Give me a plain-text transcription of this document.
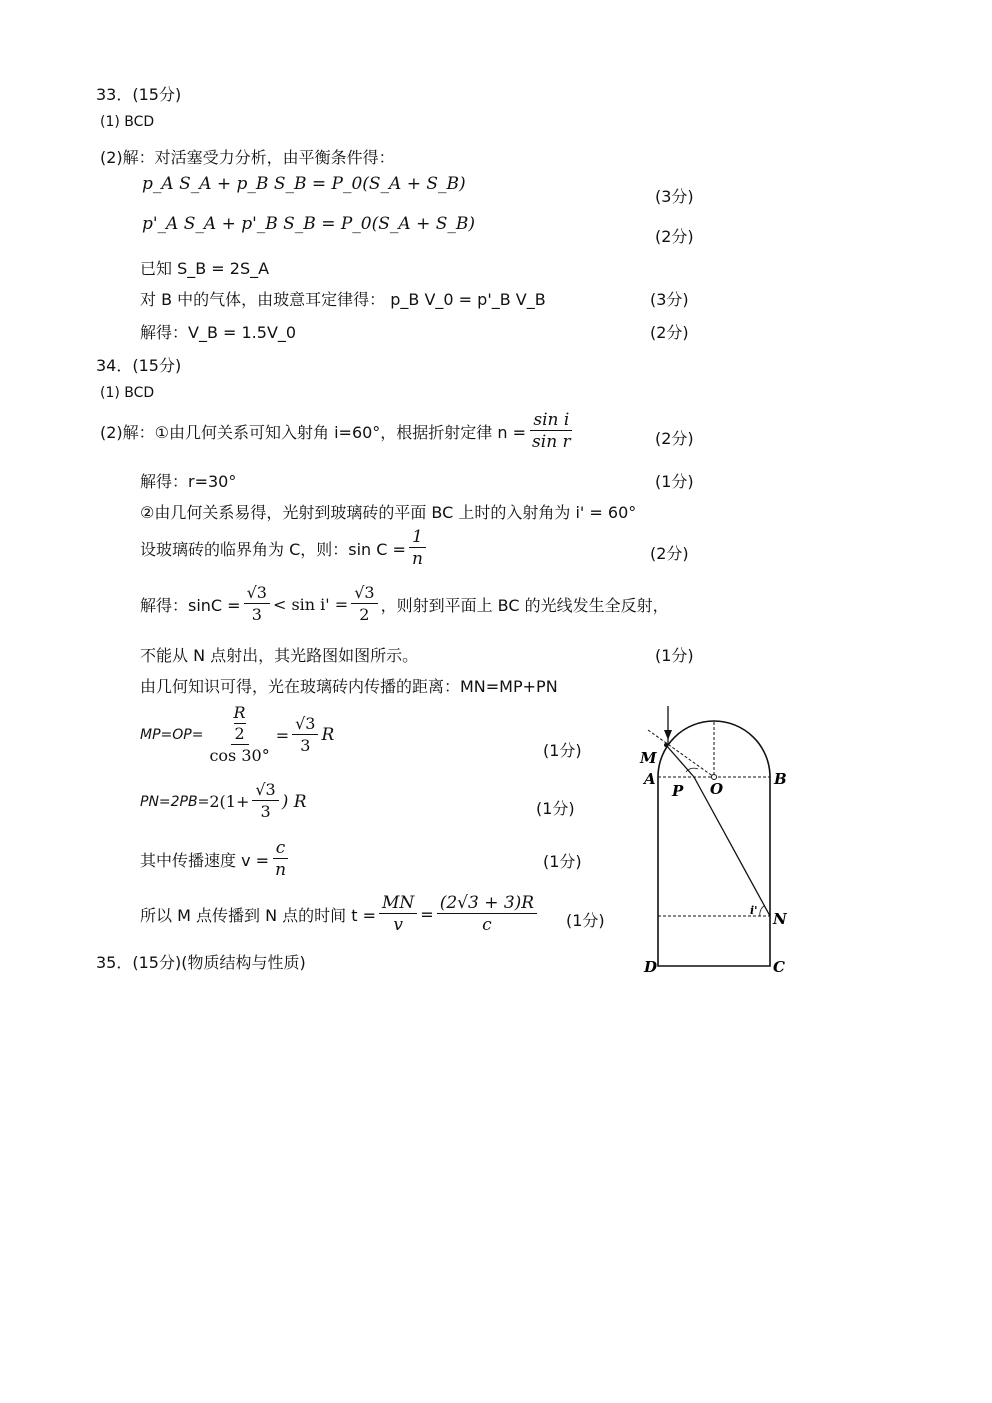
33．(15分)
(1) BCD
(2)解：对活塞受力分析，由平衡条件得：
p_A S_A + p_B S_B = P_0(S_A + S_B)
(3分)
p'_A S_A + p'_B S_B = P_0(S_A + S_B)
(2分)
已知 S_B = 2S_A
对 B 中的气体，由玻意耳定律得： p_B V_0 = p'_B V_B	(3分)
解得：V_B = 1.5V_0	(2分)
34．(15分)
(1) BCD
(2)解：①由几何关系可知入射角 i=60°，根据折射定律 $n = \frac{\text{sin i}}{\text{sin r}}$	(2分)
解得：r=30°	(1分)
②由几何关系易得，光射到玻璃砖的平面 BC 上时的入射角为 i' = 60°
设玻璃砖的临界角为 C，则：$\sin C = \frac{1}{n}$	(2分)
解得：$\sin C = \frac{√3}{3} < \sin i' = \frac{√3}{2}$ ，则射到平面上 BC 的光线发生全反射，
不能从 N 点射出，其光路图如图所示。	(1分)
由几何知识可得，光在玻璃砖内传播的距离：MN=MP+PN
MP=OP= R
2
$\cos 30^\circ = \frac{√3}{3}$ R
(1分)
$PN=2PB= 2(1+ \frac{√3}{3}$ ) R	(1分)
其中传播速度 $v = \frac{c}{n}$	(1分)
所以 M 点传播到 N 点的时间 $t = \frac{MN}{v} = \frac{(2√3 + 3)R}{c} (1$分)
35．(15分)(物质结构与性质)
M
A
P O
B
N
D	C
i'
